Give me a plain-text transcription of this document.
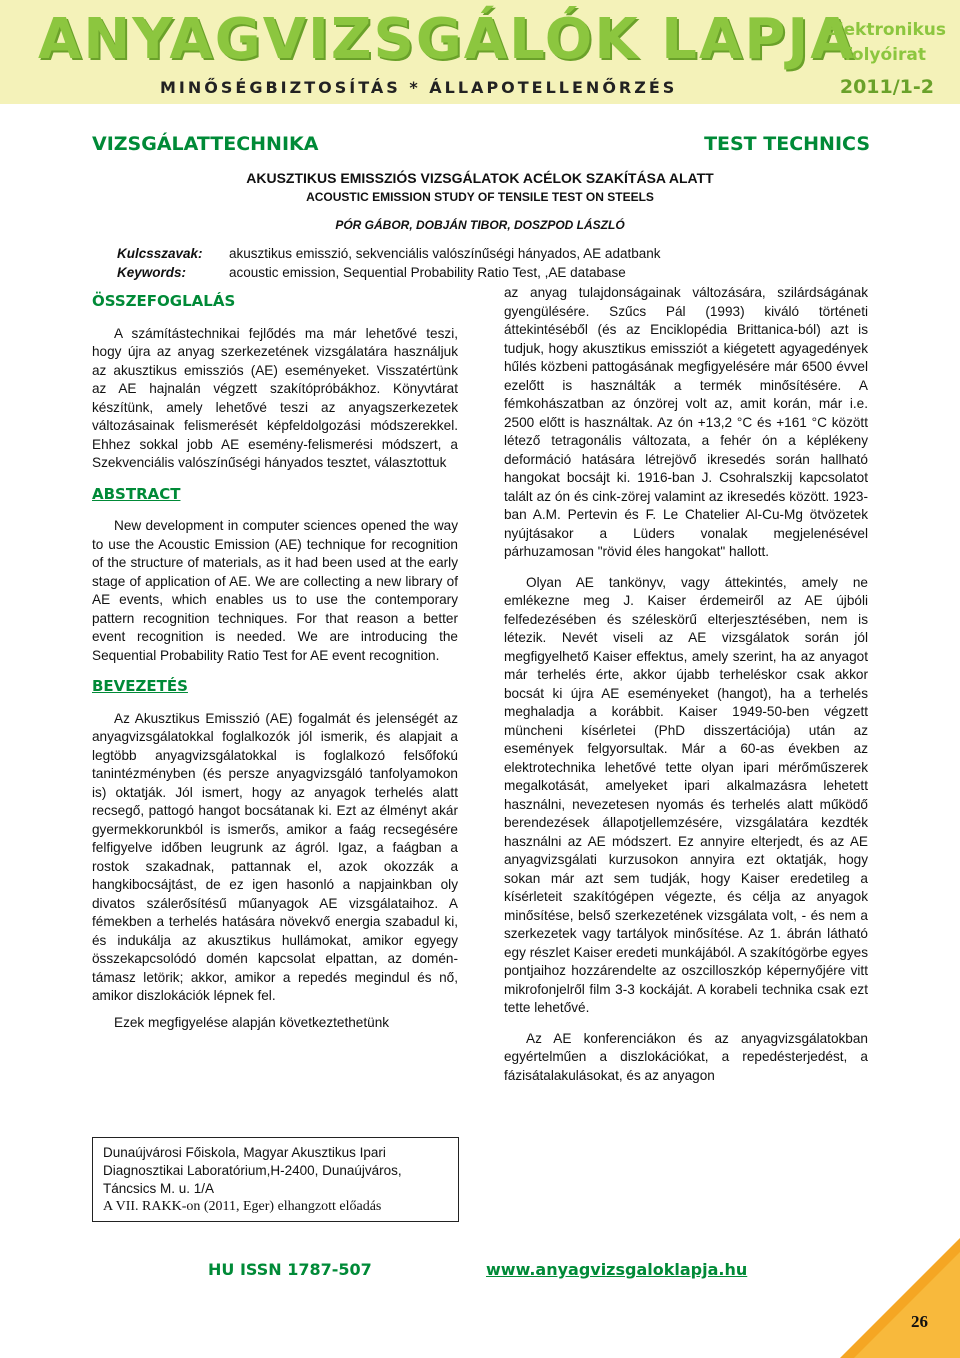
ANYAGVIZSGÁLÓK LAPJA
MINŐSÉGBIZTOSÍTÁS * ÁLLAPOTELLENŐRZÉS
Elektronikus
folyóirat
2011/1-2
VIZSGÁLATTECHNIKA	TEST TECHNICS
AKUSZTIKUS EMISSZIÓS VIZSGÁLATOK ACÉLOK SZAKÍTÁSA ALATT
ACOUSTIC EMISSION STUDY OF TENSILE TEST ON STEELS
PÓR GÁBOR, DOBJÁN TIBOR, DOSZPOD LÁSZLÓ
Kulcsszavak: akusztikus emisszió, sekvenciális valószínűségi hányados, AE adatbank
Keywords:	acoustic emission, Sequential Probability Ratio Test, ,AE database
ÖSSZEFOGLALÁS

A számítástechnikai fejlődés ma már lehetővé teszi, hogy újra az anyag szerkezetének vizsgálatára használjuk az akusztikus emissziós (AE) eseményeket. Visszatértünk az AE hajnalán végzett szakítópróbákhoz. Könyvtárat készítünk, amely lehetővé teszi az anyagszerkezetek változásainak felismerését képfeldolgozási módszerekkel. Ehhez sokkal jobb AE esemény-felismerési módszert, a Szekvenciális valószínűségi hányados tesztet, választottuk

ABSTRACT

New development in computer sciences opened the way to use the Acoustic Emission (AE) technique for recognition of the structure of materials, as it had been used at the early stage of application of AE. We are collecting a new library of AE events, which enables us to use the contemporary pattern recognition techniques. For that reason a better event recognition is needed. We are introducing the Sequential Probability Ratio Test for AE event recognition.

BEVEZETÉS

Az Akusztikus Emisszió (AE) fogalmát és jelenségét az anyagvizsgálatokkal foglalkozók jól ismerik, és alapjait a legtöbb anyagvizsgálatokkal is foglalkozó felsőfokú tanintézményben (és persze anyagvizsgáló tanfolyamokon is) oktatják. Jól ismert, hogy az anyagok terhelés alatt recsegő, pattogó hangot bocsátanak ki. Ezt az élményt akár gyermekkorunkból is ismerős, amikor a faág recsegésére felfigyelve időben leugrunk az ágról. Igaz, a faágban a rostok szakadnak, pattannak el, azok okozzák a hangkibocsájtást, de ez igen hasonló a napjainkban oly divatos szálerősítésű műanyagok AE vizsgálataihoz. A fémekben a terhelés hatására növekvő energia szabadul ki, és indukálja az akusztikus hullámokat, amikor egyegy összekapcsolódó domén kapcsolat elpattan, az domén-támasz letörik; akkor, amikor a repedés megindul és nő, amikor diszlokációk lépnek fel.

Ezek megfigyelése alapján következtethetünk

Dunaújvárosi Főiskola, Magyar Akusztikus Ipari Diagnosztikai Laboratórium,H-2400, Dunaújváros, Táncsics M. u. 1/A
A VII. RAKK-on (2011, Eger) elhangzott előadás

az anyag tulajdonságainak változására, szilárdságának gyengülésére. Szűcs Pál (1993) kiváló történeti áttekintéséből (és az Enciklopédia Brittanica-ból) azt is tudjuk, hogy akusztikus emissziót a kiégetett agyagedények hűlés közbeni pattogásának megfigyelésére már 6500 évvel ezelőtt is használták a termék minősítésére. A fémkohászatban az ónzörej volt az, amit korán, már i.e. 2500 előtt is használtak. Az ón +13,2 °C és +161 °C között létező tetragonális változata, a fehér ón a képlékeny deformáció hatására létrejövő ikresedés során hallható hangokat bocsájt ki. 1916-ban J. Csohralszkij kapcsolatot talált az ón és cink-zörej valamint az ikresedés között. 1923-ban A.M. Pertevin és F. Le Chatelier Al-Cu-Mg ötvözetek nyújtásakor a Lüders vonalak megjelenésével párhuzamosan "rövid éles hangokat" hallott.

Olyan AE tankönyv, vagy áttekintés, amely ne emlékezne meg J. Kaiser érdemeiről az AE újbóli felfedezésében és széleskörű elterjesztésében, nem is létezik. Nevét viseli az AE vizsgálatok során jól megfigyelhető Kaiser effektus, amely szerint, ha az anyagot már terhelés érte, akkor újabb terheléskor csak akkor bocsát ki újra AE eseményeket (hangot), ha a terhelés meghaladja a korábbit. Kaiser 1949-50-ben végzett müncheni kísérletei (PhD disszertációja) után az események felgyorsultak. Már a 60-as években az elektrotechnika lehetővé tette olyan ipari mérőműszerek megalkotását, amelyeket ipari alkalmazásra lehetett használni, nevezetesen nyomás és terhelés alatt működő berendezések állapotjellemzésére, vizsgálatára kezdték használni az AE módszert. Ez annyire elterjedt, és az AE anyagvizsgálati kurzusokon annyira ezt oktatják, hogy sokan már azt sem tudják, hogy Kaiser eredetileg a kísérleteit szakítógépen végezte, és célja az anyagok minősítése, belső szerkezetének vizsgálata volt, - és nem a szerkezetek vagy tartályok minősítése. Az 1. ábrán látható egy részlet Kaiser eredeti munkájából. A szakítógörbe egyes pontjaihoz hozzárendelte az oszcilloszkóp képernyőjére vitt mikrofonjelről film 3-3 kockáját. A korabeli technika csak ezt tette lehetővé.

Az AE konferenciákon és az anyagvizsgálatokban egyértelműen a diszlokációkat, a repedésterjedést, a fázisátalakulásokat, és az anyagon

HU ISSN 1787-507	www.anyagvizsgaloklapja.hu
26
